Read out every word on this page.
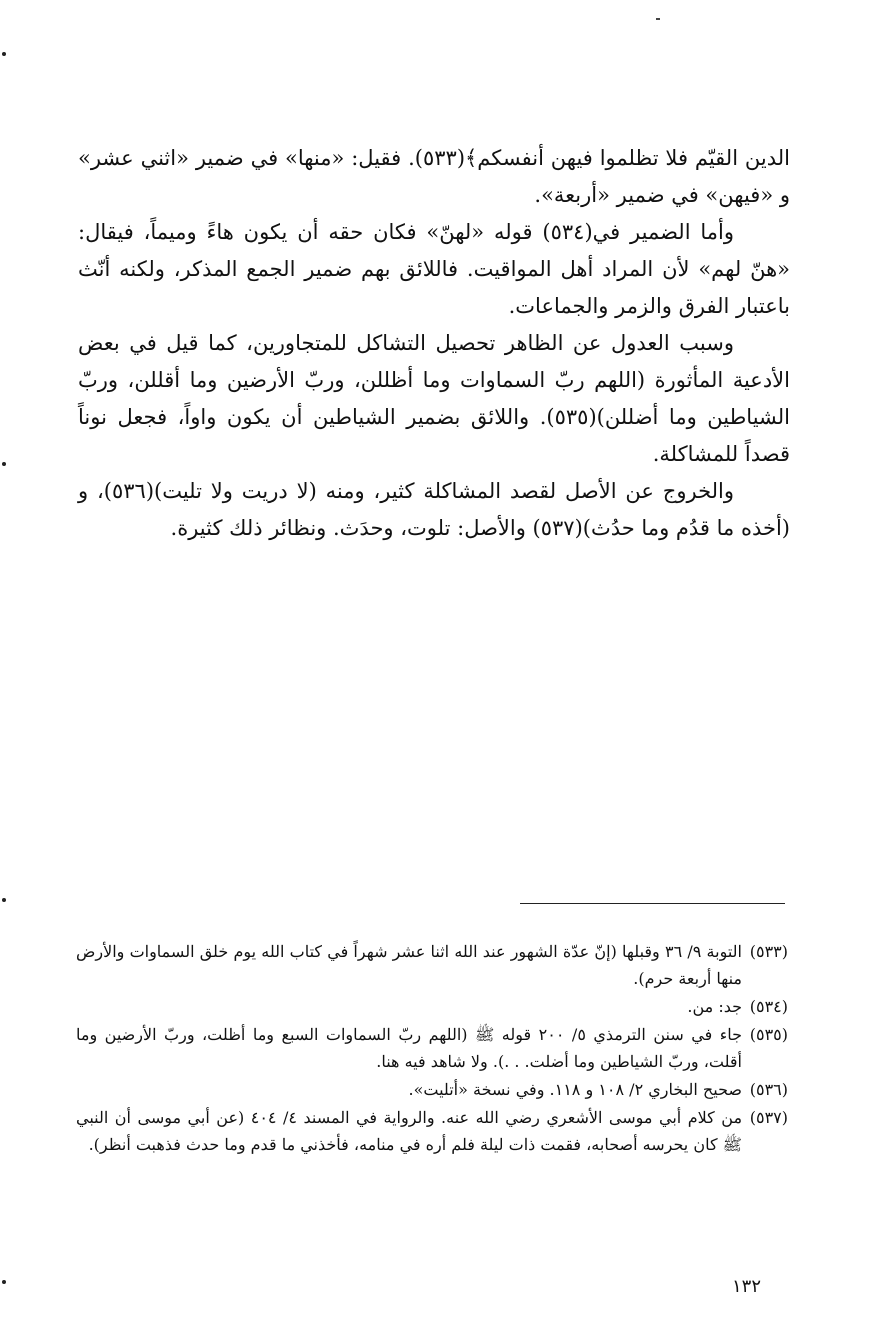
الدين القيّم فلا تظلموا فيهن أنفسكم﴾(٥٣٣). فقيل: «منها» في ضمير «اثني عشر» و «فيهن» في ضمير «أربعة».

وأما الضمير في(٥٣٤) قوله «لهنّ» فكان حقه أن يكون هاءً وميماً، فيقال: «هنّ لهم» لأن المراد أهل المواقيت. فاللائق بهم ضمير الجمع المذكر، ولكنه أنّث باعتبار الفرق والزمر والجماعات.

وسبب العدول عن الظاهر تحصيل التشاكل للمتجاورين، كما قيل في بعض الأدعية المأثورة (اللهم ربّ السماوات وما أظللن، وربّ الأرضين وما أقللن، وربّ الشياطين وما أضللن)(٥٣٥). واللائق بضمير الشياطين أن يكون واواً، فجعل نوناً قصداً للمشاكلة.

والخروج عن الأصل لقصد المشاكلة كثير، ومنه (لا دريت ولا تليت)(٥٣٦)، و (أخذه ما قدُم وما حدُث)(٥٣٧) والأصل: تلوت، وحدَث. ونظائر ذلك كثيرة.

(٥٣٣)
التوبة ٩/ ٣٦ وقبلها (إنّ عدّة الشهور عند الله اثنا عشر شهراً في كتاب الله يوم خلق السماوات والأرض منها أربعة حرم).

(٥٣٤)
جد: من.

(٥٣٥)
جاء في سنن الترمذي ٥/ ٢٠٠ قوله ﷺ (اللهم ربّ السماوات السبع وما أظلت، وربّ الأرضين وما أقلت، وربّ الشياطين وما أضلت. . .). ولا شاهد فيه هنا.

(٥٣٦)
صحيح البخاري ٢/ ١٠٨ و ١١٨. وفي نسخة «أتليت».

(٥٣٧)
من كلام أبي موسى الأشعري رضي الله عنه. والرواية في المسند ٤/ ٤٠٤ (عن أبي موسى أن النبي ﷺ كان يحرسه أصحابه، فقمت ذات ليلة فلم أره في منامه، فأخذني ما قدم وما حدث فذهبت أنظر).

١٣٢
